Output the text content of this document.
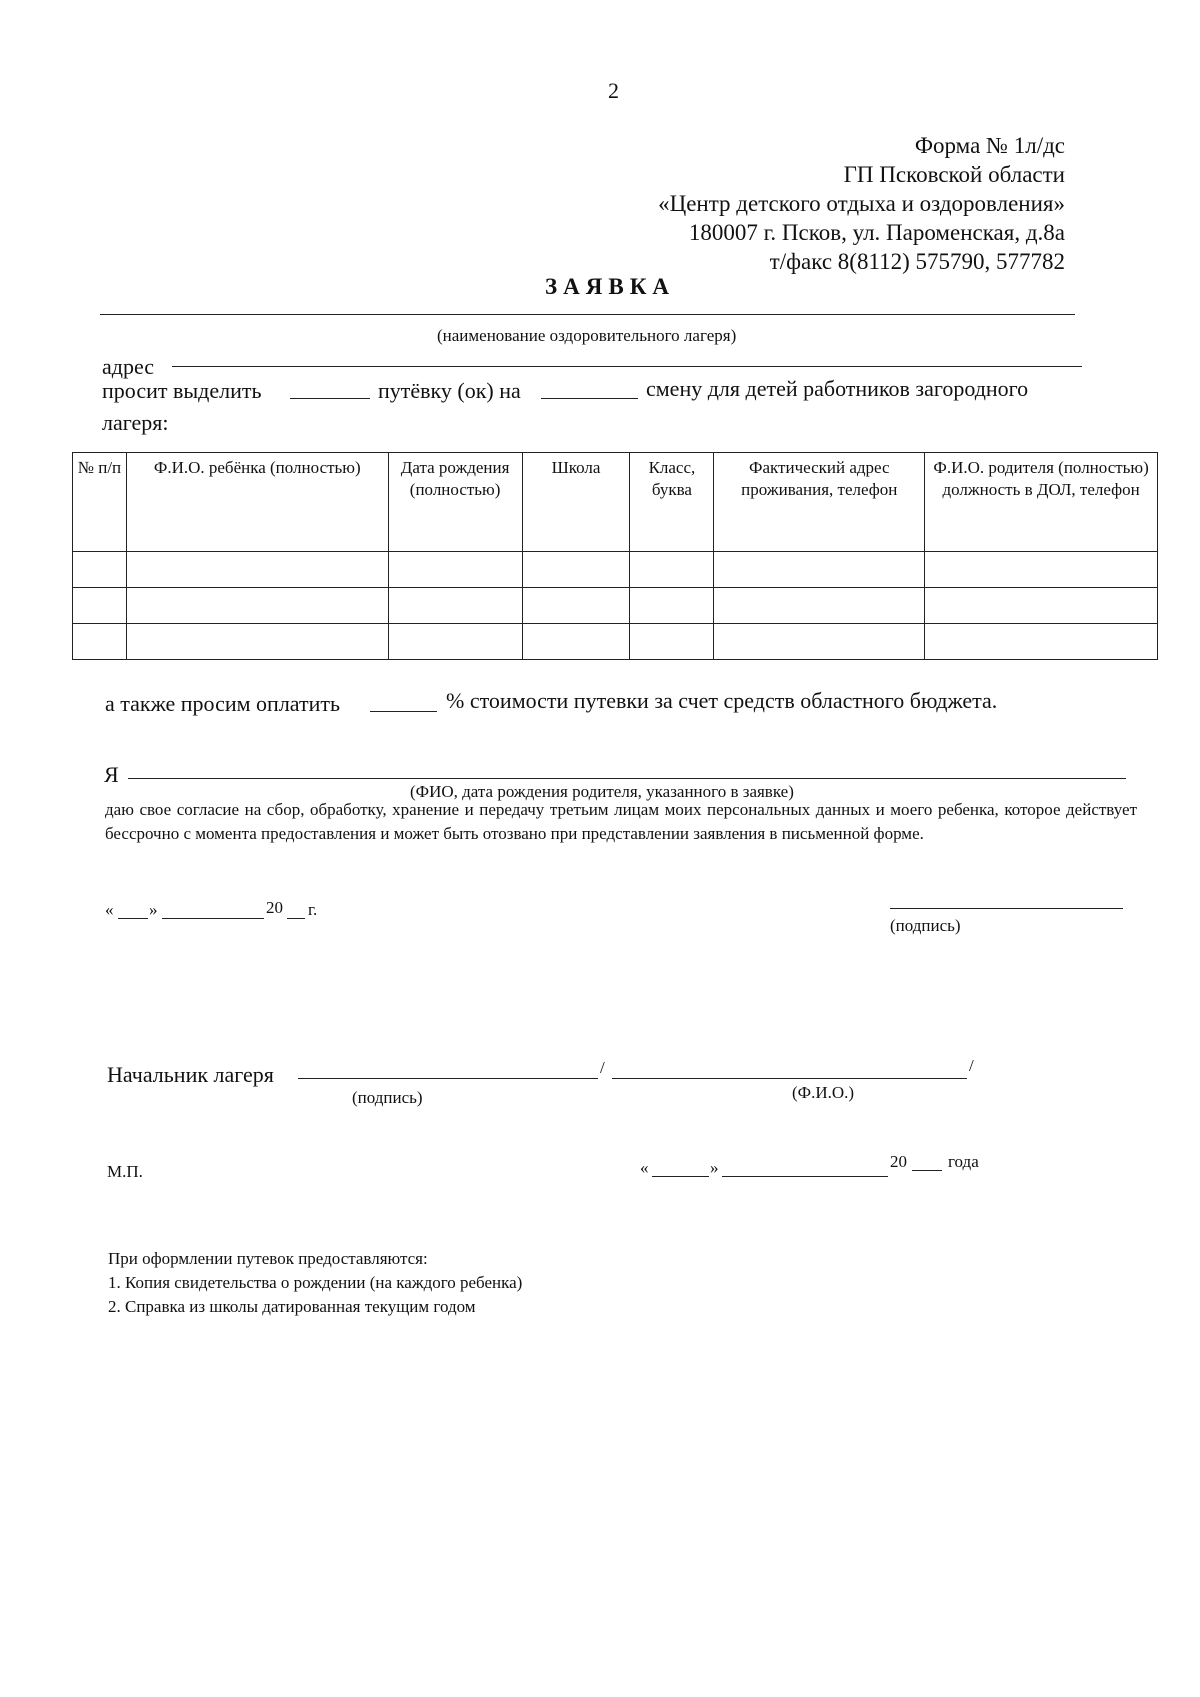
2
Форма № 1л/дс
ГП Псковской области
«Центр детского отдыха и оздоровления»
180007 г. Псков, ул. Пароменская, д.8а
т/факс 8(8112) 575790, 577782
ЗАЯВКА
(наименование оздоровительного лагеря)
адрес
просит выделить	путёвку (ок) на	смену для детей работников загородного
лагеря:
№ п/п	Ф.И.О. ребёнка (полностью)	Дата рождения (полностью)	Школа	Класс, буква	Фактический адрес проживания, телефон	Ф.И.О. родителя (полностью) должность в ДОЛ, телефон

а также просим оплатить	% стоимости путевки за счет средств областного бюджета.
Я
(ФИО, дата рождения родителя, указанного в заявке)
даю свое согласие на сбор, обработку, хранение и передачу третьим лицам моих персональных данных и моего ребенка, которое действует бессрочно с момента предоставления и может быть отозвано при представлении заявления в письменной форме.
« »	20 г.
(подпись)
Начальник лагеря	/	/
(подпись)	(Ф.И.О.)
М.П.	«	»	20 года
При оформлении путевок предоставляются:
1. Копия свидетельства о рождении (на каждого ребенка)
2. Справка из школы датированная текущим годом
